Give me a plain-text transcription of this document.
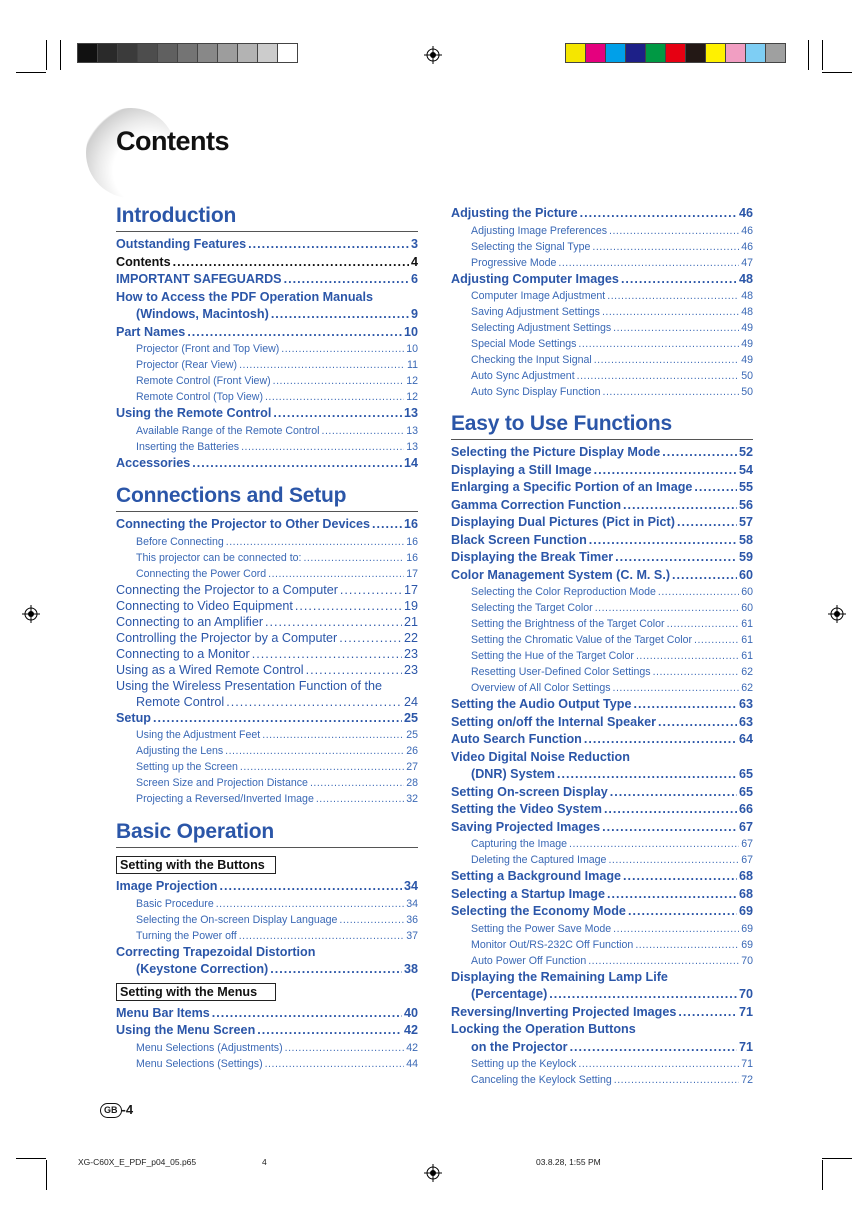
Contents
Introduction
Outstanding Features .....	3
Contents .....	4
IMPORTANT SAFEGUARDS .....	6
How to Access the PDF Operation Manuals
(Windows, Macintosh) .....	9
Part Names .....	10
Projector (Front and Top View) .....	10
Projector (Rear View) .....	11
Remote Control (Front View) .....	12
Remote Control (Top View) .....	12
Using the Remote Control .....	13
Available Range of the Remote Control .....	13
Inserting the Batteries .....	13
Accessories .....	14
Connections and Setup
Connecting the Projector to Other Devices .....	16
Before Connecting .....	16
This projector can be connected to: .....	16
Connecting the Power Cord .....	17
Connecting the Projector to a Computer .....	17
Connecting to Video Equipment .....	19
Connecting to an Amplifier .....	21
Controlling the Projector by a Computer .....	22
Connecting to a Monitor .....	23
Using as a Wired Remote Control .....	23
Using the Wireless Presentation Function of the
Remote Control .....	24
Setup .....	25
Using the Adjustment Feet .....	25
Adjusting the Lens .....	26
Setting up the Screen .....	27
Screen Size and Projection Distance .....	28
Projecting a Reversed/Inverted Image .....	32
Basic Operation
Setting with the Buttons
Image Projection .....	34
Basic Procedure .....	34
Selecting the On-screen Display Language .....	36
Turning the Power off .....	37
Correcting Trapezoidal Distortion
(Keystone Correction) .....	38
Setting with the Menus
Menu Bar Items .....	40
Using the Menu Screen .....	42
Menu Selections (Adjustments) .....	42
Menu Selections (Settings) .....	44
Adjusting the Picture .....	46
Adjusting Image Preferences .....	46
Selecting the Signal Type .....	46
Progressive Mode .....	47
Adjusting Computer Images .....	48
Computer Image Adjustment .....	48
Saving Adjustment Settings .....	48
Selecting Adjustment Settings .....	49
Special Mode Settings .....	49
Checking the Input Signal .....	49
Auto Sync Adjustment .....	50
Auto Sync Display Function .....	50
Easy to Use Functions
Selecting the Picture Display Mode .....	52
Displaying a Still Image .....	54
Enlarging a Specific Portion of an Image .....	55
Gamma Correction Function .....	56
Displaying Dual Pictures (Pict in Pict) .....	57
Black Screen Function .....	58
Displaying the Break Timer .....	59
Color Management System (C. M. S.) .....	60
Selecting the Color Reproduction Mode .....	60
Selecting the Target Color .....	60
Setting the Brightness of the Target Color .....	61
Setting the Chromatic Value of the Target Color .....	61
Setting the Hue of the Target Color .....	61
Resetting User-Defined Color Settings .....	62
Overview of All Color Settings .....	62
Setting the Audio Output Type .....	63
Setting on/off the Internal Speaker .....	63
Auto Search Function .....	64
Video Digital Noise Reduction
(DNR) System .....	65
Setting On-screen Display .....	65
Setting the Video System .....	66
Saving Projected Images .....	67
Capturing the Image .....	67
Deleting the Captured Image .....	67
Setting a Background Image .....	68
Selecting a Startup Image .....	68
Selecting the Economy Mode .....	69
Setting the Power Save Mode .....	69
Monitor Out/RS-232C Off Function .....	69
Auto Power Off Function .....	70
Displaying the Remaining Lamp Life
(Percentage) .....	70
Reversing/Inverting Projected Images .....	71
Locking the Operation Buttons
on the Projector .....	71
Setting up the Keylock .....	71
Canceling the Keylock Setting .....	72
GB -4
XG-C60X_E_PDF_p04_05.p65	4	03.8.28, 1:55 PM
